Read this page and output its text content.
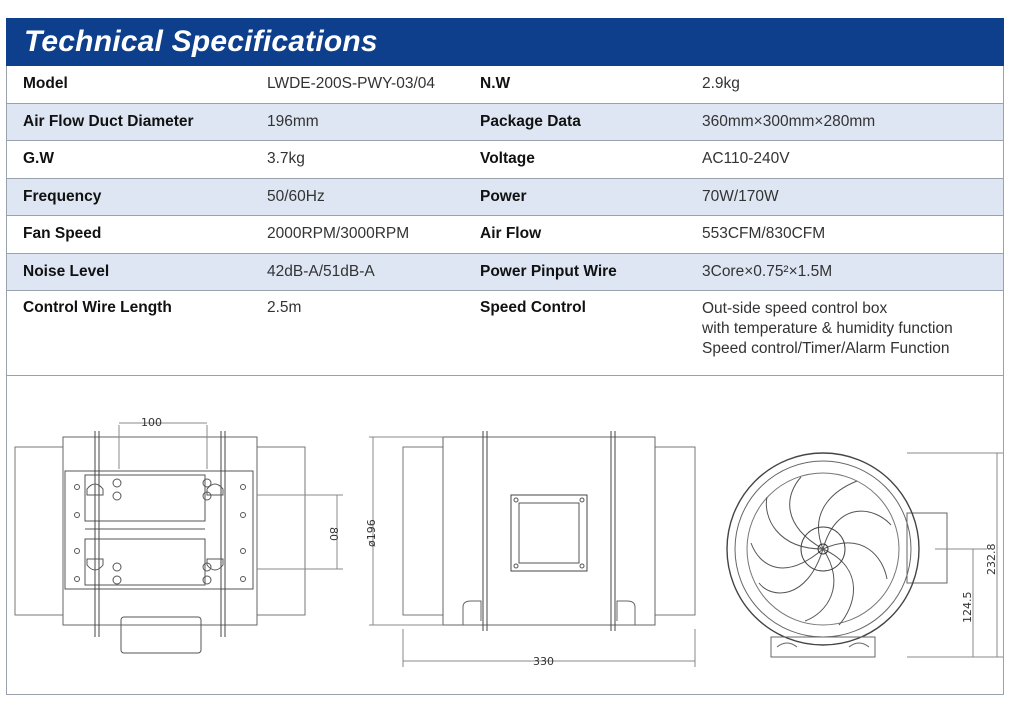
Technical Specifications
Model	LWDE-200S-PWY-03/04	N.W	2.9kg
Air Flow Duct Diameter	196mm	Package Data	360mm×300mm×280mm
G.W	3.7kg	Voltage	AC110-240V
Frequency	50/60Hz	Power	70W/170W
Fan Speed	2000RPM/3000RPM	Air Flow	553CFM/830CFM
Noise Level	42dB-A/51dB-A	Power Pinput Wire	3Core×0.75²×1.5M
Control Wire Length	2.5m	Speed Control	Out-side speed control box
with temperature & humidity function
Speed control/Timer/Alarm Function
100
80 ø196
330
232.8
124.5
